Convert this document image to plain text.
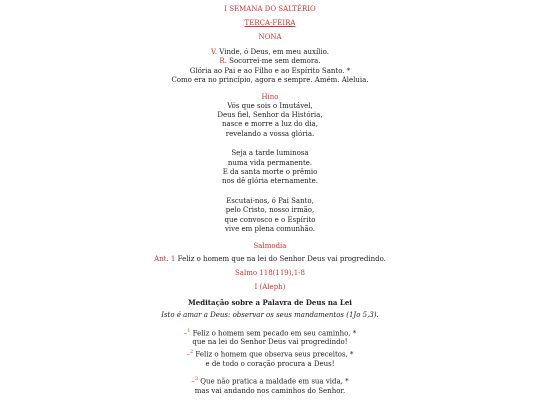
I SEMANA DO SALTÉRIO
TERÇA-FEIRA
NONA
V. Vinde, ó Deus, em meu auxílio.
R. Socorrei-me sem demora.
Glória ao Pai e ao Filho e ao Espírito Santo. *
Como era no princípio, agora e sempre. Amém. Aleluia.
Hino
Vós que sois o Imutável,
Deus fiel, Senhor da História,
nasce e morre a luz do dia,
revelando a vossa glória.
Seja a tarde luminosa
numa vida permanente.
E da santa morte o prêmio
nos dê glória eternamente.
Escutai-nos, ó Pai Santo,
pelo Cristo, nosso irmão,
que convosco e o Espírito
vive em plena comunhão.
Salmodia
Ant. 1 Feliz o homem que na lei do Senhor Deus vai progredindo.
Salmo 118(119),1-8
I (Aleph)
Meditação sobre a Palavra de Deus na Lei
Isto é amar a Deus: observar os seus mandamentos (1Jo 5,3).
–$^1$ Feliz o homem sem pecado em seu caminho, *
que na lei do Senhor Deus vai progredindo!
–$^2$ Feliz o homem que observa seus preceitos, *
e de todo o coração procura a Deus!
–$^3$ Que não pratica a maldade em sua vida, *
mas vai andando nos caminhos do Senhor.
